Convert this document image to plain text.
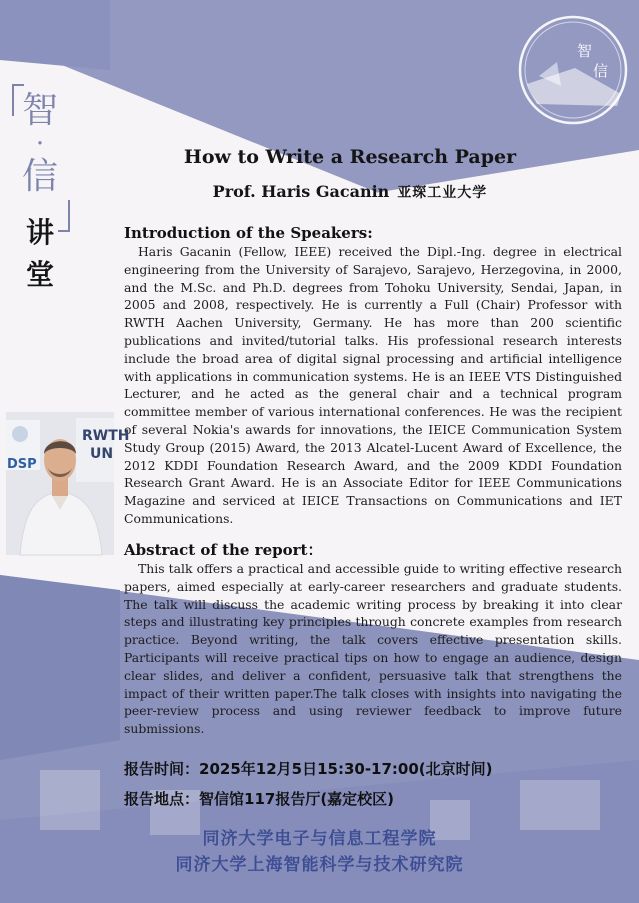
智
信
智
·
信
讲
堂
How to Write a Research Paper

Prof. Haris Gacanin 亚琛工业大学

Introduction of the Speakers:

Haris Gacanin (Fellow, IEEE) received the Dipl.-Ing. degree in electrical engineering from the University of Sarajevo, Sarajevo, Herzegovina, in 2000, and the M.Sc. and Ph.D. degrees from Tohoku University, Sendai, Japan, in 2005 and 2008, respectively. He is currently a Full (Chair) Professor with RWTH Aachen University, Germany. He has more than 200 scientific publications and invited/tutorial talks. His professional research interests include the broad area of digital signal processing and artificial intelligence with applications in communication systems. He is an IEEE VTS Distinguished Lecturer, and he acted as the general chair and a technical program committee member of various international conferences. He was the recipient of several Nokia's awards for innovations, the IEICE Communication System Study Group (2015) Award, the 2013 Alcatel-Lucent Award of Excellence, the 2012 KDDI Foundation Research Award, and the 2009 KDDI Foundation Research Grant Award. He is an Associate Editor for IEEE Communications Magazine and serviced at IEICE Transactions on Communications and IET Communications.

DSP
RWTH
UN
Abstract of the report：

This talk offers a practical and accessible guide to writing effective research papers, aimed especially at early-career researchers and graduate students. The talk will discuss the academic writing process by breaking it into clear steps and illustrating key principles through concrete examples from research practice. Beyond writing, the talk covers effective presentation skills. Participants will receive practical tips on how to engage an audience, design clear slides, and deliver a confident, persuasive talk that strengthens the impact of their written paper.The talk closes with insights into navigating the peer-review process and using reviewer feedback to improve future submissions.

报告时间：2025年12月5日15:30-17:00(北京时间)

报告地点：智信馆117报告厅(嘉定校区)

同济大学电子与信息工程学院

同济大学上海智能科学与技术研究院
